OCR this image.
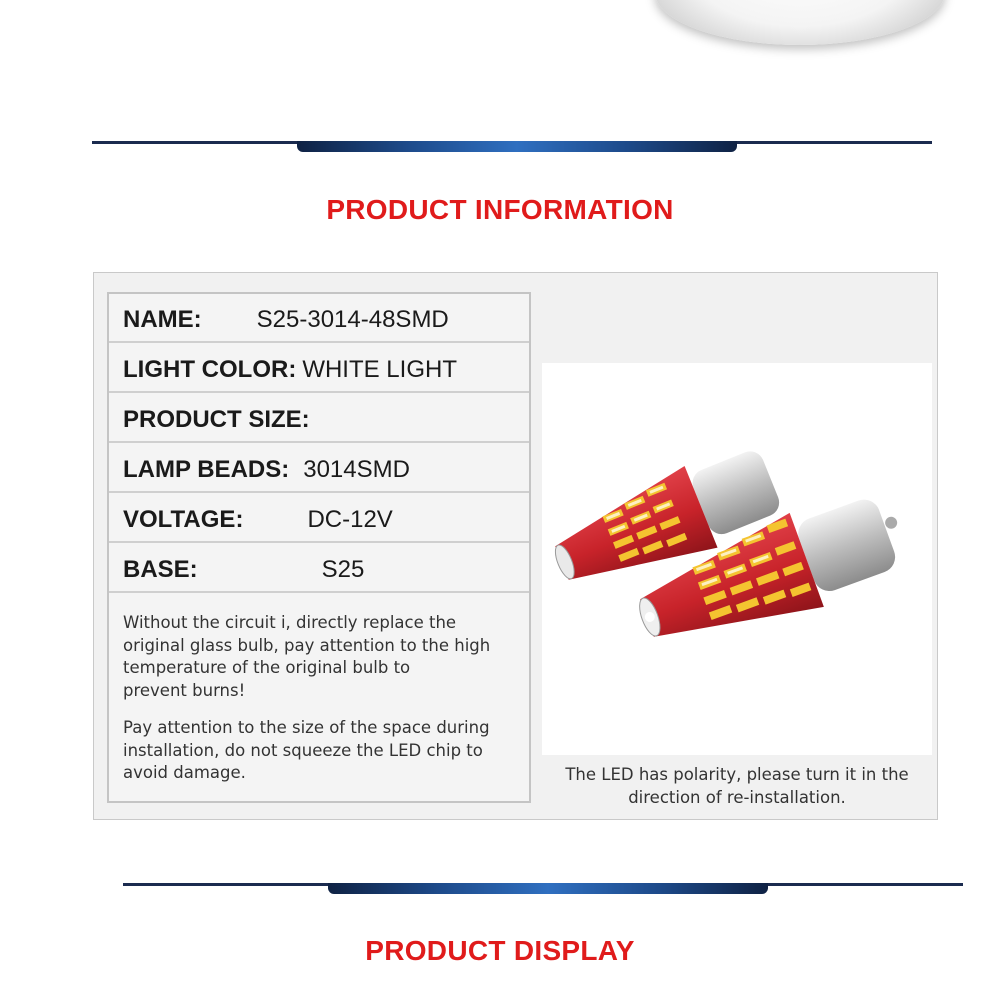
PRODUCT INFORMATION
NAME: S25-3014-48SMD
LIGHT COLOR: WHITE LIGHT
PRODUCT SIZE:
LAMP BEADS: 3014SMD
VOLTAGE:	DC-12V
BASE:	S25
Without the circuit i, directly replace the
original glass bulb, pay attention to the high
temperature of the original bulb to
prevent burns!
Pay attention to the size of the space during
installation, do not squeeze the LED chip to
avoid damage.	The LED has polarity, please turn it in the
direction of re-installation.
PRODUCT DISPLAY
